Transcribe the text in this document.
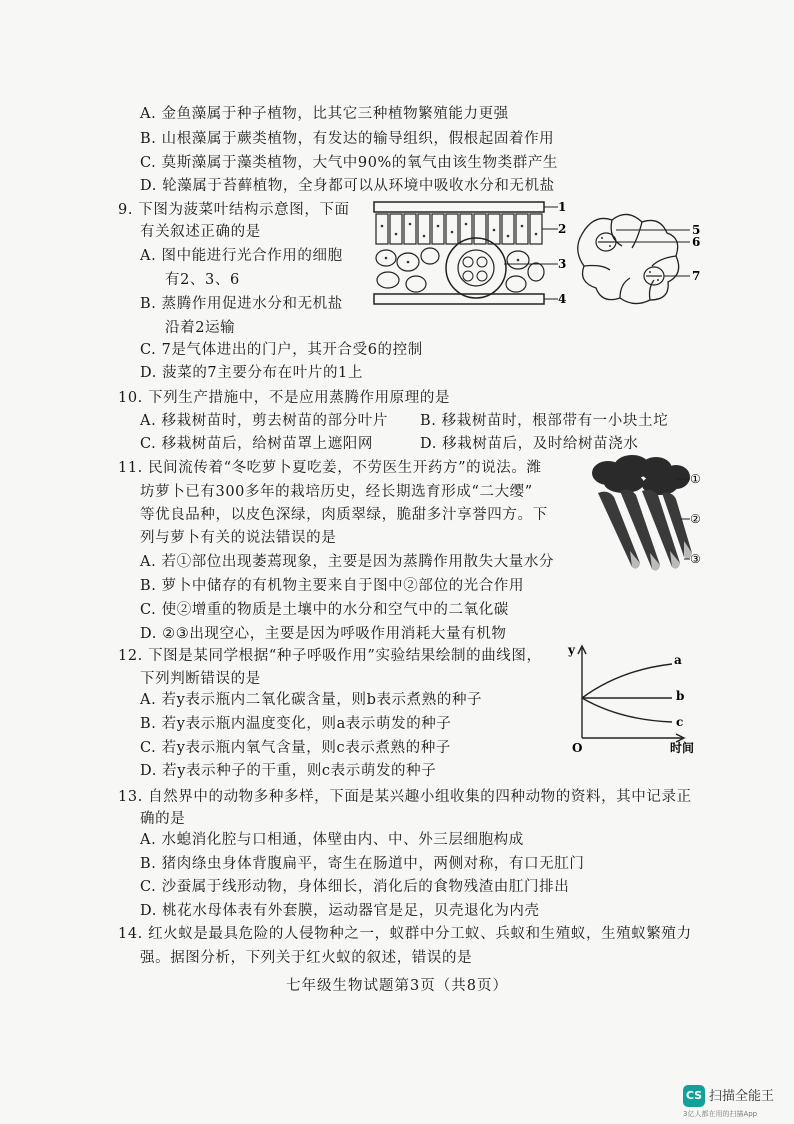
A. 金鱼藻属于种子植物，比其它三种植物繁殖能力更强
B. 山根藻属于蕨类植物，有发达的输导组织，假根起固着作用
C. 莫斯藻属于藻类植物，大气中90%的氧气由该生物类群产生
D. 轮藻属于苔藓植物，全身都可以从环境中吸收水分和无机盐
9. 下图为菠菜叶结构示意图，下面
有关叙述正确的是
A. 图中能进行光合作用的细胞
有2、3、6
B. 蒸腾作用促进水分和无机盐
沿着2运输
C. 7是气体进出的门户，其开合受6的控制
D. 菠菜的7主要分布在叶片的1上
1
2
3
4
5
6
7
10. 下列生产措施中，不是应用蒸腾作用原理的是
A. 移栽树苗时，剪去树苗的部分叶片 B. 移栽树苗时，根部带有一小块土坨
C. 移栽树苗后，给树苗罩上遮阳网	D. 移栽树苗后，及时给树苗浇水
11. 民间流传着“冬吃萝卜夏吃姜，不劳医生开药方”的说法。潍
坊萝卜已有300多年的栽培历史，经长期选育形成“二大缨”
等优良品种，以皮色深绿，肉质翠绿，脆甜多汁享誉四方。下
列与萝卜有关的说法错误的是
A. 若①部位出现萎蔫现象，主要是因为蒸腾作用散失大量水分
B. 萝卜中储存的有机物主要来自于图中②部位的光合作用
C. 使②增重的物质是土壤中的水分和空气中的二氧化碳
D. ②③出现空心，主要是因为呼吸作用消耗大量有机物
①
②
③
12. 下图是某同学根据“种子呼吸作用”实验结果绘制的曲线图，
下列判断错误的是
A. 若y表示瓶内二氧化碳含量，则b表示煮熟的种子
B. 若y表示瓶内温度变化，则a表示萌发的种子
C. 若y表示瓶内氧气含量，则c表示煮熟的种子
D. 若y表示种子的干重，则c表示萌发的种子
y
a
b
c
O	时间
13. 自然界中的动物多种多样，下面是某兴趣小组收集的四种动物的资料，其中记录正
确的是
A. 水螅消化腔与口相通，体壁由内、中、外三层细胞构成
B. 猪肉绦虫身体背腹扁平，寄生在肠道中，两侧对称，有口无肛门
C. 沙蚕属于线形动物，身体细长，消化后的食物残渣由肛门排出
D. 桃花水母体表有外套膜，运动器官是足，贝壳退化为内壳
14. 红火蚁是最具危险的人侵物种之一，蚁群中分工蚁、兵蚁和生殖蚁，生殖蚁繁殖力
强。据图分析，下列关于红火蚁的叙述，错误的是
七年级生物试题第3页（共8页）
CS 扫描全能王
3亿人都在用的扫描App
